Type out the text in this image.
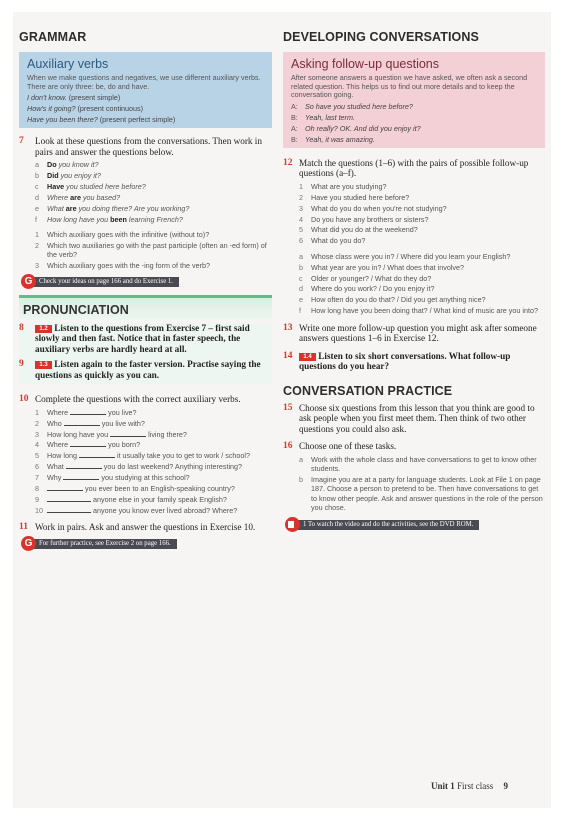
GRAMMAR
Auxiliary verbs
When we make questions and negatives, we use different auxiliary verbs. There are only three: be, do and have.
I don't know. (present simple)
How's it going? (present continuous)
Have you been there? (present perfect simple)
7 Look at these questions from the conversations. Then work in pairs and answer the questions below.
a Do you know it?
b Did you enjoy it?
c Have you studied here before?
d Where are you based?
e What are you doing there? Are you working?
f How long have you been learning French?
1 Which auxiliary goes with the infinitive (without to)?
2 Which two auxiliaries go with the past participle (often an -ed form) of the verb?
3 Which auxiliary goes with the -ing form of the verb?
Check your ideas on page 166 and do Exercise 1.
G
PRONUNCIATION
8	1.2 Listen to the questions from Exercise 7 – first said slowly and then fast. Notice that in faster speech, the auxiliary verbs are hardly heard at all.
9	1.3 Listen again to the faster version. Practise saying the questions as quickly as you can.
10 Complete the questions with the correct auxiliary verbs.
1 Where	you live?
2 Who	you live with?
3 How long have you	living there?
4 Where	you born?
5 How long	it usually take you to get to work / school?
6 What	you do last weekend? Anything interesting?
7 Why	you studying at this school?
8	you ever been to an English-speaking country?
9	anyone else in your family speak English?
10	anyone you know ever lived abroad? Where?
11 Work in pairs. Ask and answer the questions in Exercise 10.
For further practice, see Exercise 2 on page 166.
G
DEVELOPING CONVERSATIONS
Asking follow-up questions
After someone answers a question we have asked, we often ask a second related question. This helps us to find out more details and to keep the conversation going.
A: So have you studied here before?
B: Yeah, last term.
A: Oh really? OK. And did you enjoy it?
B: Yeah, it was amazing.
12 Match the questions (1–6) with the pairs of possible follow-up questions (a–f).
1 What are you studying?
2 Have you studied here before?
3 What do you do when you're not studying?
4 Do you have any brothers or sisters?
5 What did you do at the weekend?
6 What do you do?
a Whose class were you in? / Where did you learn your English?
b What year are you in? / What does that involve?
c Older or younger? / What do they do?
d Where do you work? / Do you enjoy it?
e How often do you do that? / Did you get anything nice?
f How long have you been doing that? / What kind of music are you into?
13 Write one more follow-up question you might ask after someone answers questions 1–6 in Exercise 12.
14	1.4 Listen to six short conversations. What follow-up questions do you hear?
CONVERSATION PRACTICE
15 Choose six questions from this lesson that you think are good to ask people when you first meet them. Then think of two other questions you could also ask.
16 Choose one of these tasks.
a Work with the whole class and have conversations to get to know other students.
b Imagine you are at a party for language students. Look at File 1 on page 187. Choose a person to pretend to be. Then have conversations to get to know other people. Ask and answer questions in the role of the person you chose.
1 To watch the video and do the activities, see the DVD ROM.
Unit 1 First class 9
